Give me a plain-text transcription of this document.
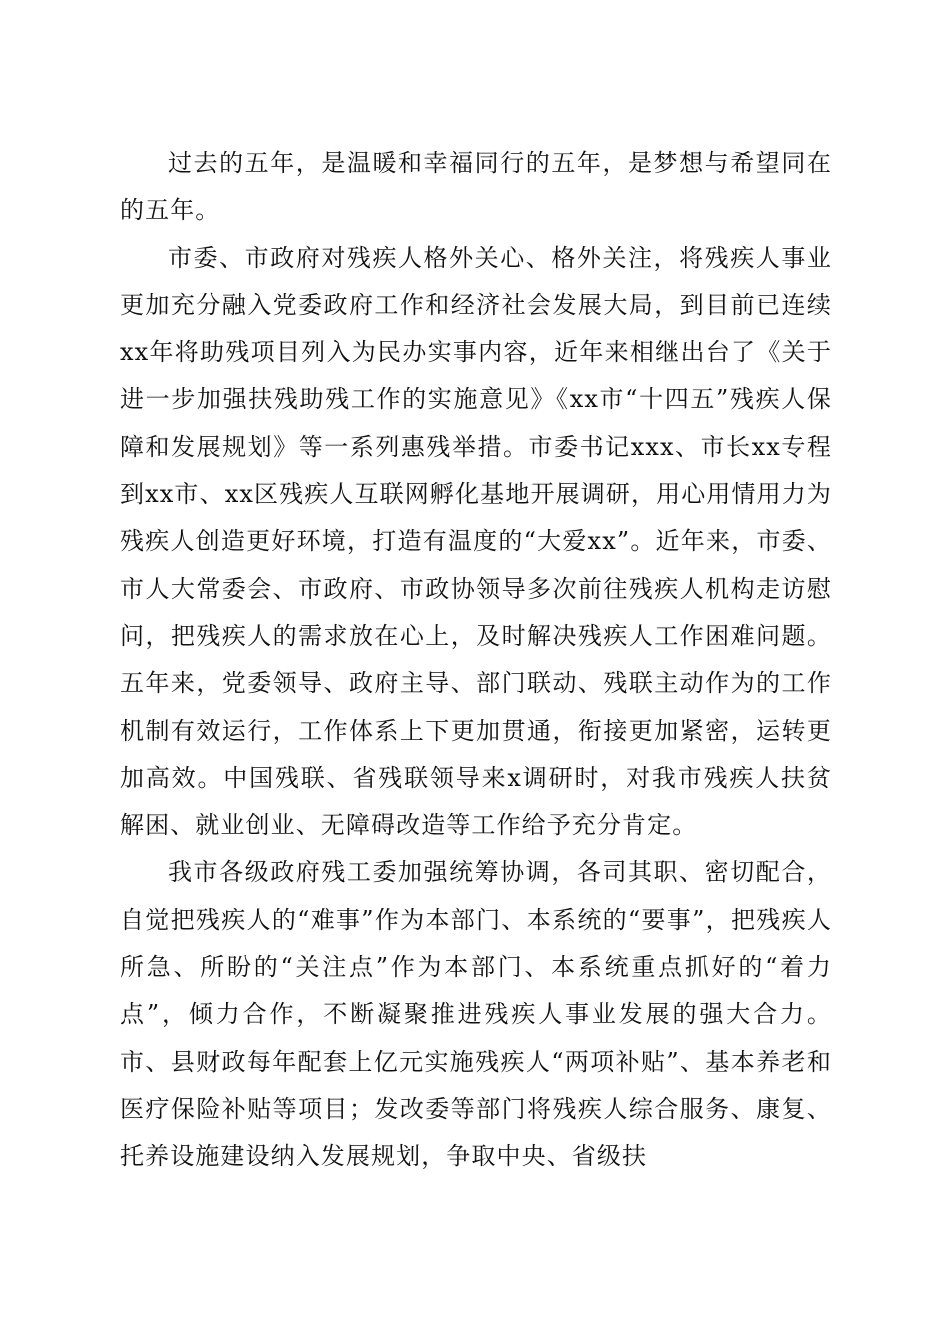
过去的五年，是温暖和幸福同行的五年，是梦想与希望同在的五年。

市委、市政府对残疾人格外关心、格外关注，将残疾人事业更加充分融入党委政府工作和经济社会发展大局，到目前已连续xx年将助残项目列入为民办实事内容，近年来相继出台了《关于进一步加强扶残助残工作的实施意见》《xx市“十四五”残疾人保障和发展规划》等一系列惠残举措。市委书记xxx、市长xx专程到xx市、xx区残疾人互联网孵化基地开展调研，用心用情用力为残疾人创造更好环境，打造有温度的“大爱xx”。近年来，市委、市人大常委会、市政府、市政协领导多次前往残疾人机构走访慰问，把残疾人的需求放在心上，及时解决残疾人工作困难问题。五年来，党委领导、政府主导、部门联动、残联主动作为的工作机制有效运行，工作体系上下更加贯通，衔接更加紧密，运转更加高效。中国残联、省残联领导来x调研时，对我市残疾人扶贫解困、就业创业、无障碍改造等工作给予充分肯定。

我市各级政府残工委加强统筹协调，各司其职、密切配合，自觉把残疾人的“难事”作为本部门、本系统的“要事”，把残疾人所急、所盼的“关注点”作为本部门、本系统重点抓好的“着力点”，倾力合作，不断凝聚推进残疾人事业发展的强大合力。市、县财政每年配套上亿元实施残疾人“两项补贴”、基本养老和医疗保险补贴等项目；发改委等部门将残疾人综合服务、康复、托养设施建设纳入发展规划，争取中央、省级扶
